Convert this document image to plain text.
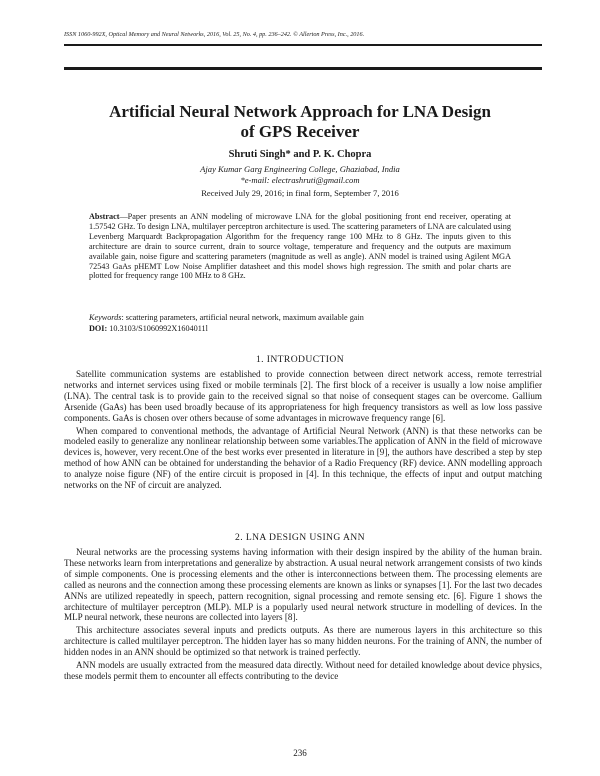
ISSN 1060-992X, Optical Memory and Neural Networks, 2016, Vol. 25, No. 4, pp. 236–242. © Allerton Press, Inc., 2016.
Artificial Neural Network Approach for LNA Design
of GPS Receiver
Shruti Singh* and P. K. Chopra
Ajay Kumar Garg Engineering College, Ghaziabad, India
*e-mail: electrashruti@gmail.com
Received July 29, 2016; in final form, September 7, 2016
Abstract—Paper presents an ANN modeling of microwave LNA for the global positioning front end receiver, operating at 1.57542 GHz. To design LNA, multilayer perceptron architecture is used. The scattering parameters of LNA are calculated using Levenberg Marquardt Backpropagation Algorithm for the frequency range 100 MHz to 8 GHz. The inputs given to this architecture are drain to source current, drain to source voltage, temperature and frequency and the outputs are maximum available gain, noise figure and scattering parameters (magnitude as well as angle). ANN model is trained using Agilent MGA 72543 GaAs pHEMT Low Noise Amplifier datasheet and this model shows high regression. The smith and polar charts are plotted for frequency range 100 MHz to 8 GHz.
Keywords: scattering parameters, artificial neural network, maximum available gain
DOI: 10.3103/S1060992X1604011l
1. INTRODUCTION

Satellite communication systems are established to provide connection between direct network access, remote terrestrial networks and internet services using fixed or mobile terminals [2]. The first block of a receiver is usually a low noise amplifier (LNA). The central task is to provide gain to the received signal so that noise of consequent stages can be overcome. Gallium Arsenide (GaAs) has been used broadly because of its appropriateness for high frequency transistors as well as low loss passive components. GaAs is chosen over others because of some advantages in microwave frequency range [6].

When compared to conventional methods, the advantage of Artificial Neural Network (ANN) is that these networks can be modeled easily to generalize any nonlinear relationship between some variables.The application of ANN in the field of microwave devices is, however, very recent.One of the best works ever presented in literature in [9], the authors have described a step by step method of how ANN can be obtained for understanding the behavior of a Radio Frequency (RF) device. ANN modelling approach to analyze noise figure (NF) of the entire circuit is proposed in [4]. In this technique, the effects of input and output matching networks on the NF of circuit are analyzed.

2. LNA DESIGN USING ANN

Neural networks are the processing systems having information with their design inspired by the ability of the human brain. These networks learn from interpretations and generalize by abstraction. A usual neural network arrangement consists of two kinds of simple components. One is processing elements and the other is interconnections between them. The processing elements are called as neurons and the connection among these processing elements are known as links or synapses [1]. For the last two decades ANNs are utilized repeatedly in speech, pattern recognition, signal processing and remote sensing etc. [6]. Figure 1 shows the architecture of multilayer perceptron (MLP). MLP is a popularly used neural network structure in modelling of devices. In the MLP neural network, these neurons are collected into layers [8].

This architecture associates several inputs and predicts outputs. As there are numerous layers in this architecture so this architecture is called multilayer perceptron. The hidden layer has so many hidden neurons. For the training of ANN, the number of hidden nodes in an ANN should be optimized so that network is trained perfectly.

ANN models are usually extracted from the measured data directly. Without need for detailed knowledge about device physics, these models permit them to encounter all effects contributing to the device

236
